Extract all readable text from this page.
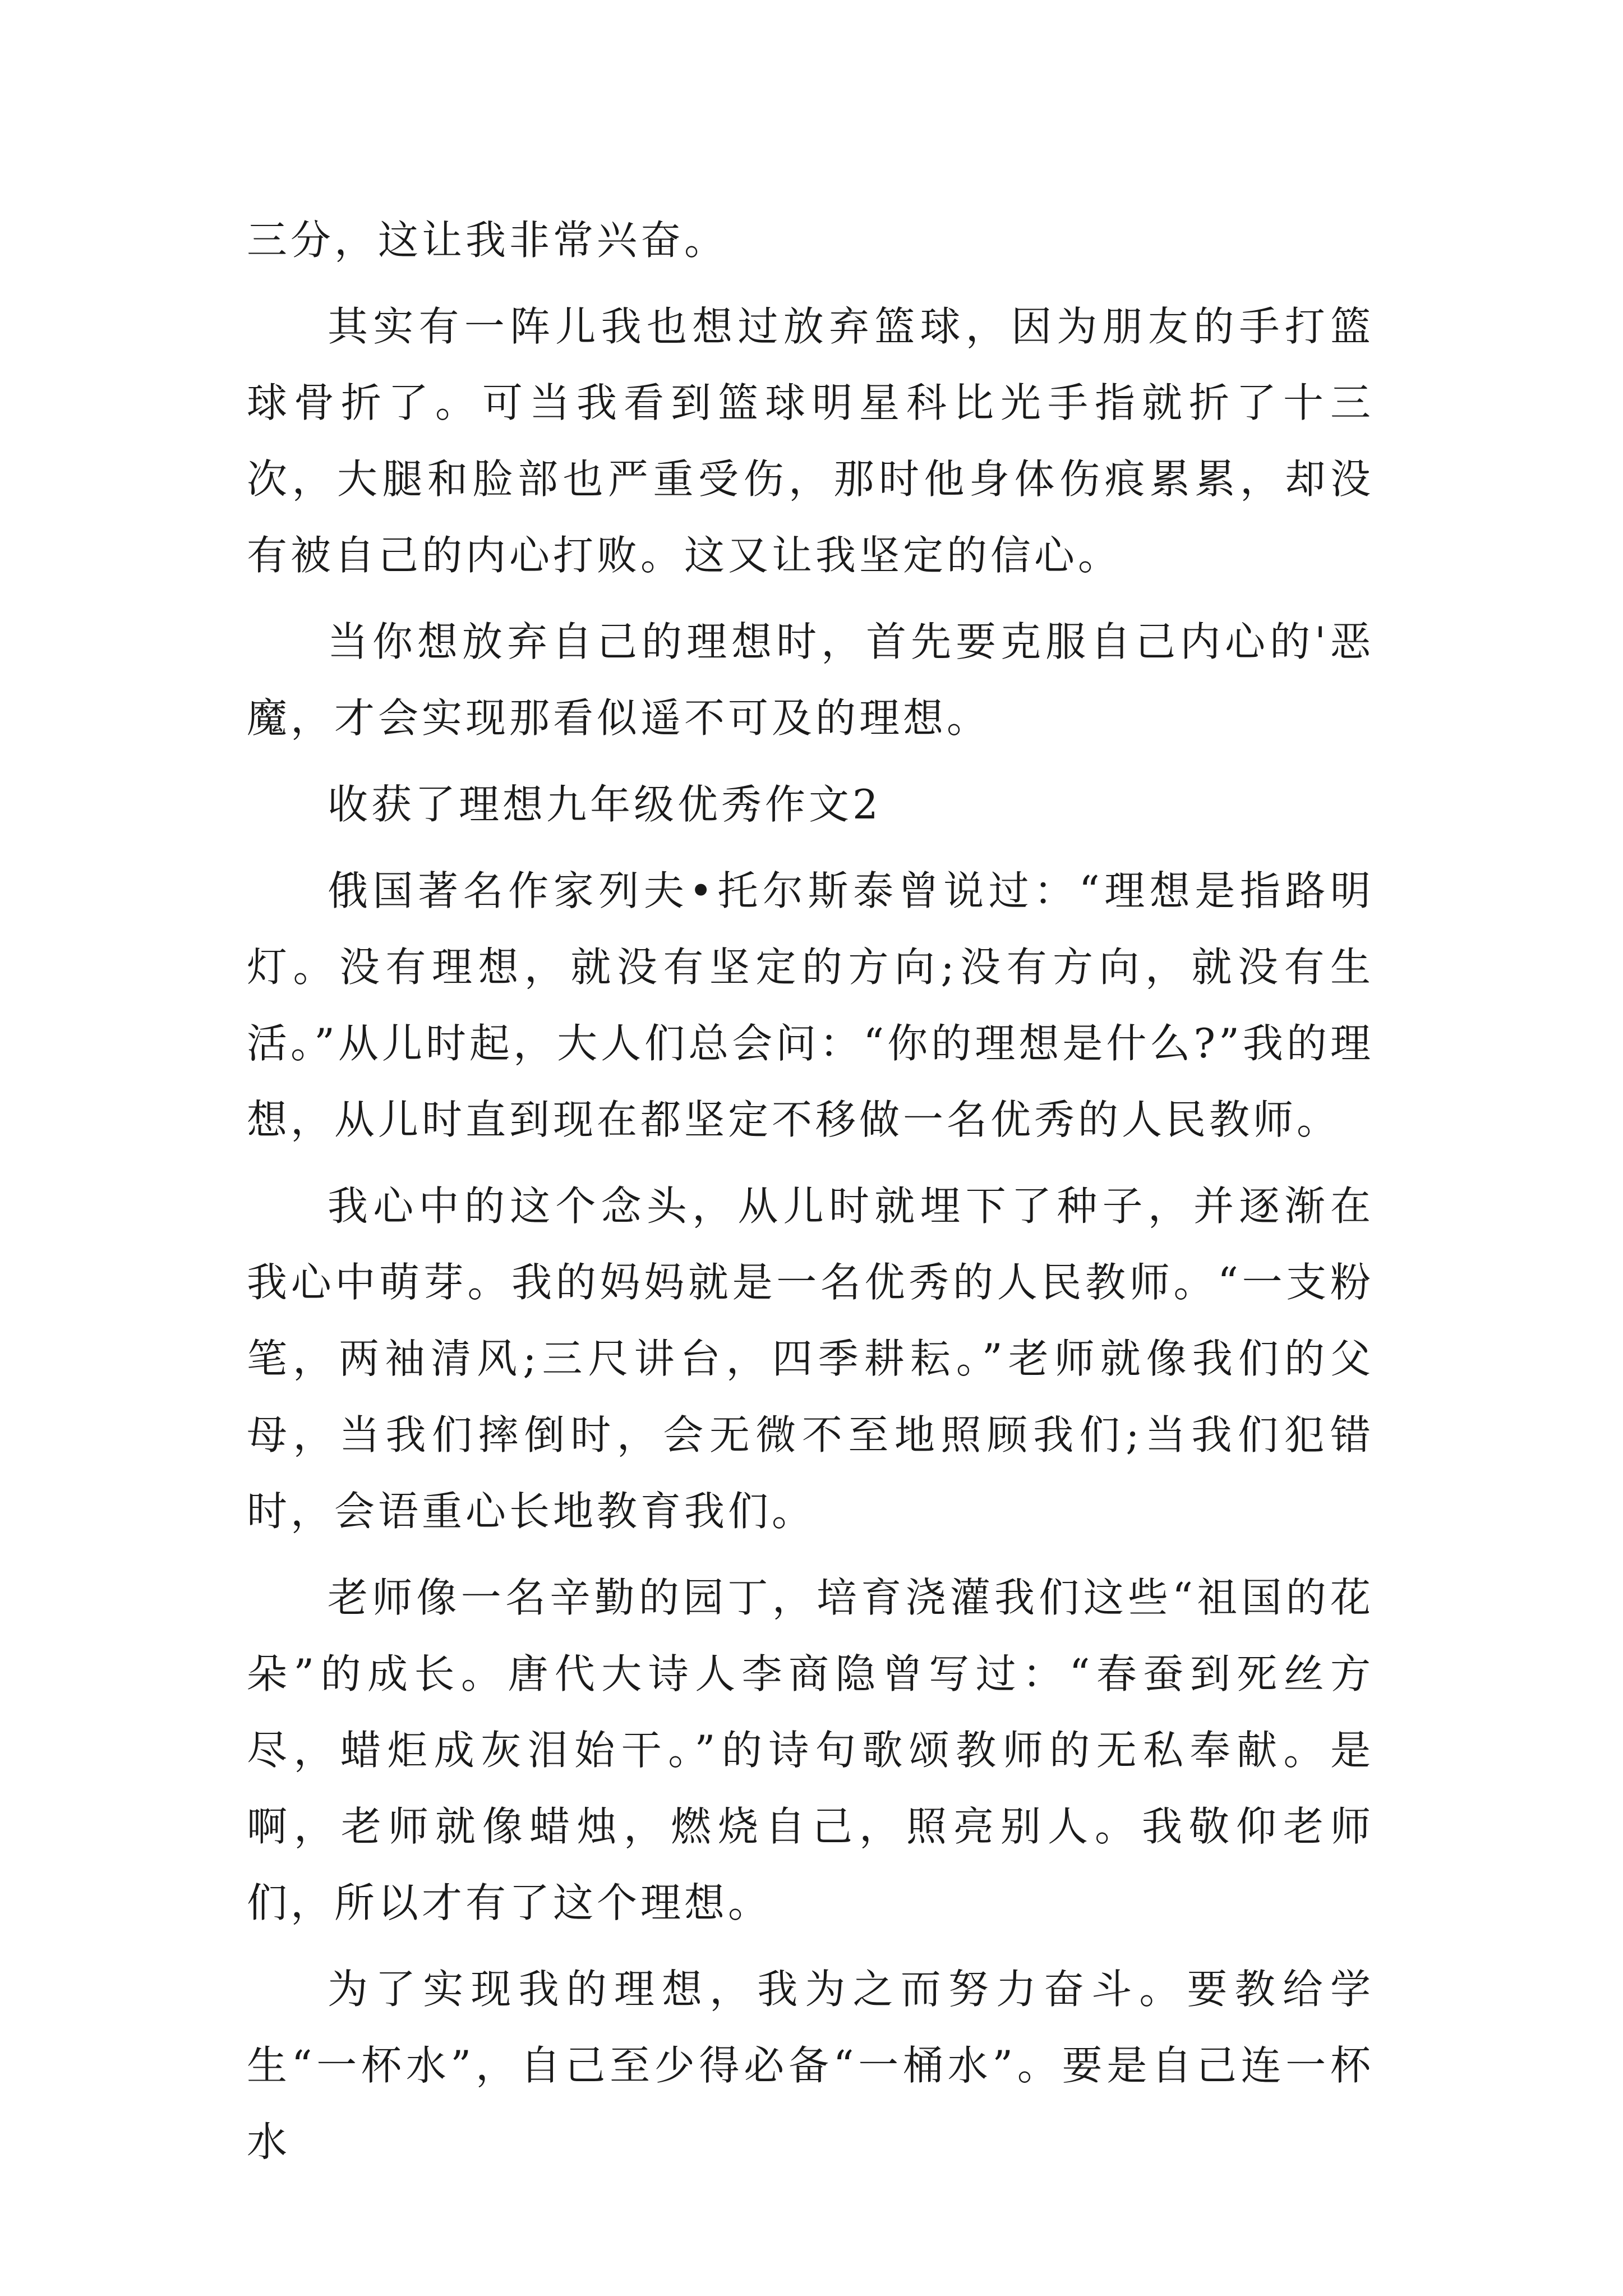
三分，这让我非常兴奋。

其实有一阵儿我也想过放弃篮球，因为朋友的手打篮球骨折了。可当我看到篮球明星科比光手指就折了十三次，大腿和脸部也严重受伤，那时他身体伤痕累累，却没有被自己的内心打败。这又让我坚定的信心。

当你想放弃自己的理想时，首先要克服自己内心的'恶魔，才会实现那看似遥不可及的理想。

收获了理想九年级优秀作文2

俄国著名作家列夫•托尔斯泰曾说过：“理想是指路明灯。没有理想，就没有坚定的方向;没有方向，就没有生活。”从儿时起，大人们总会问：“你的理想是什么?”我的理想，从儿时直到现在都坚定不移做一名优秀的人民教师。

我心中的这个念头，从儿时就埋下了种子，并逐渐在我心中萌芽。我的妈妈就是一名优秀的人民教师。“一支粉笔，两袖清风;三尺讲台，四季耕耘。”老师就像我们的父母，当我们摔倒时，会无微不至地照顾我们;当我们犯错时，会语重心长地教育我们。

老师像一名辛勤的园丁，培育浇灌我们这些“祖国的花朵”的成长。唐代大诗人李商隐曾写过：“春蚕到死丝方尽，蜡炬成灰泪始干。”的诗句歌颂教师的无私奉献。是啊，老师就像蜡烛，燃烧自己，照亮别人。我敬仰老师们，所以才有了这个理想。

为了实现我的理想，我为之而努力奋斗。要教给学生“一杯水”，自己至少得必备“一桶水”。要是自己连一杯水
